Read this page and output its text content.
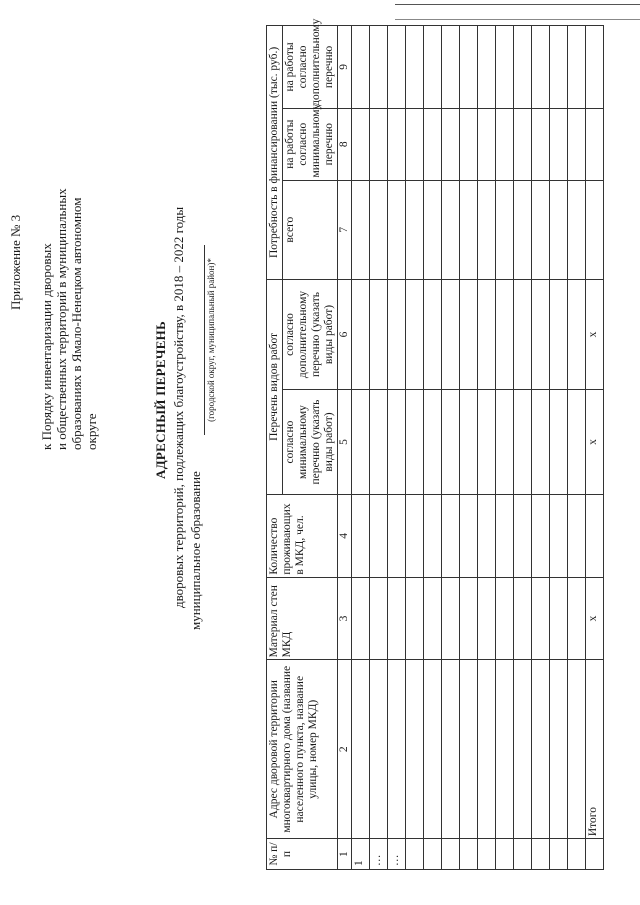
Приложение № 3 к Порядку инвентаризации дворовых и общественных территорий в муниципальных образованиях в Ямало-Ненецком автономном округе	АДРЕСНЫЙ ПЕРЕЧЕНЬ дворовых территорий, подлежащих благоустройству, в 2018 – 2022 годы муниципальное образование
(городской округ, муниципальный район)*
№ п/п	Адрес дворовой территории многоквартирного дома (название населенного пункта, название улицы, номер МКД)	Материал стен МКД	Количество проживающих в МКД, чел.	Перечень видов работ		Потребность в финансировании (тыс. руб.)		
				согласно минимальному перечню (указать виды работ)	согласно дополнительному перечню (указать виды работ)	всего	на работы согласно минимальному перечню	на работы согласно дополнительному перечню
1	2	3	4	5	6	7	8	9
1								
…								
…								

	Итого	х		х	х			
